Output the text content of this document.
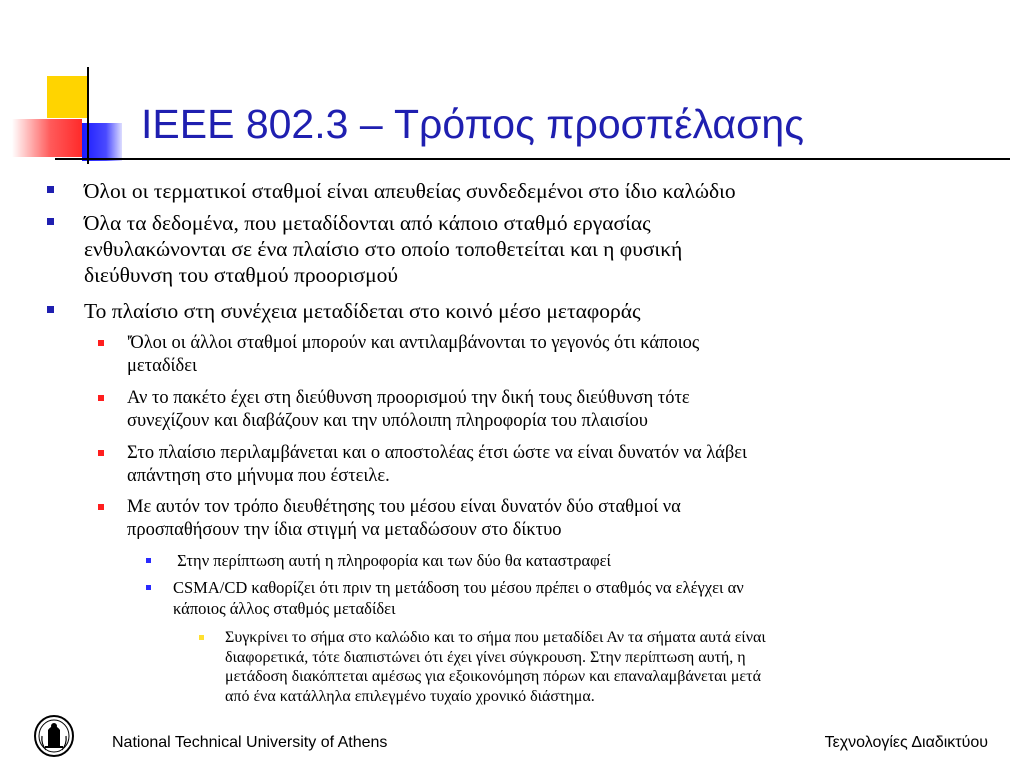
IEEE 802.3 – Τρόπος προσπέλασης
Όλοι οι τερματικοί σταθμοί είναι απευθείας συνδεδεμένοι στο ίδιο καλώδιο
Όλα τα δεδομένα, που μεταδίδονται από κάποιο σταθμό εργασίας
ενθυλακώνονται σε ένα πλαίσιο στο οποίο τοποθετείται και η φυσική
διεύθυνση του σταθμού προορισμού
Το πλαίσιο στη συνέχεια μεταδίδεται στο κοινό μέσο μεταφοράς
'Όλοι οι άλλοι σταθμοί μπορούν και αντιλαμβάνονται το γεγονός ότι κάποιος
μεταδίδει
Αν το πακέτο έχει στη διεύθυνση προορισμού την δική τους διεύθυνση τότε
συνεχίζουν και διαβάζουν και την υπόλοιπη πληροφορία του πλαισίου
Στο πλαίσιο περιλαμβάνεται και ο αποστολέας έτσι ώστε να είναι δυνατόν να λάβει
απάντηση στο μήνυμα που έστειλε.
Με αυτόν τον τρόπο διευθέτησης του μέσου είναι δυνατόν δύο σταθμοί να
προσπαθήσουν την ίδια στιγμή να μεταδώσουν στο δίκτυο
Στην περίπτωση αυτή η πληροφορία και των δύο θα καταστραφεί
CSMA/CD καθορίζει ότι πριν τη μετάδοση του μέσου πρέπει ο σταθμός να ελέγχει αν
κάποιος άλλος σταθμός μεταδίδει
Συγκρίνει το σήμα στο καλώδιο και το σήμα που μεταδίδει Αν τα σήματα αυτά είναι
διαφορετικά, τότε διαπιστώνει ότι έχει γίνει σύγκρουση. Στην περίπτωση αυτή, η
μετάδοση διακόπτεται αμέσως για εξοικονόμηση πόρων και επαναλαμβάνεται μετά
από ένα κατάλληλα επιλεγμένο τυχαίο χρονικό διάστημα.
National Technical University of Athens	Τεχνολογίες Διαδικτύου
